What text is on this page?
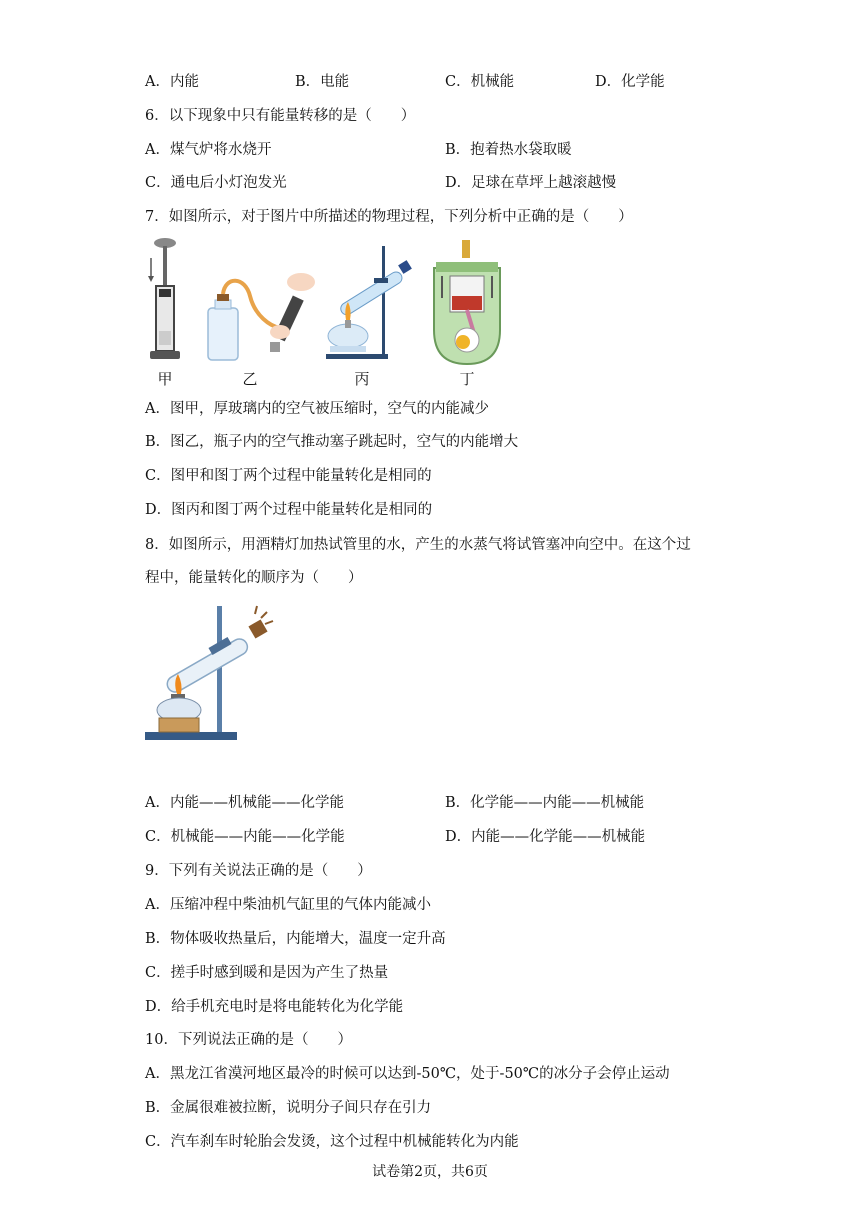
A．内能	B．电能	C．机械能	D．化学能
6．以下现象中只有能量转移的是（　　）
A．煤气炉将水烧开	B．抱着热水袋取暖
C．通电后小灯泡发光	D．足球在草坪上越滚越慢
7．如图所示，对于图片中所描述的物理过程，下列分析中正确的是（　　）
甲	乙	丙	丁
A．图甲，厚玻璃内的空气被压缩时，空气的内能减少
B．图乙，瓶子内的空气推动塞子跳起时，空气的内能增大
C．图甲和图丁两个过程中能量转化是相同的
D．图丙和图丁两个过程中能量转化是相同的
8．如图所示，用酒精灯加热试管里的水，产生的水蒸气将试管塞冲向空中。在这个过
程中，能量转化的顺序为（　　）
A．内能——机械能——化学能	B．化学能——内能——机械能
C．机械能——内能——化学能	D．内能——化学能——机械能
9．下列有关说法正确的是（　　）
A．压缩冲程中柴油机气缸里的气体内能减小
B．物体吸收热量后，内能增大，温度一定升高
C．搓手时感到暖和是因为产生了热量
D．给手机充电时是将电能转化为化学能
10．下列说法正确的是（　　）
A．黑龙江省漠河地区最冷的时候可以达到-50℃，处于-50℃的冰分子会停止运动
B．金属很难被拉断，说明分子间只存在引力
C．汽车刹车时轮胎会发烫，这个过程中机械能转化为内能
试卷第2页，共6页
